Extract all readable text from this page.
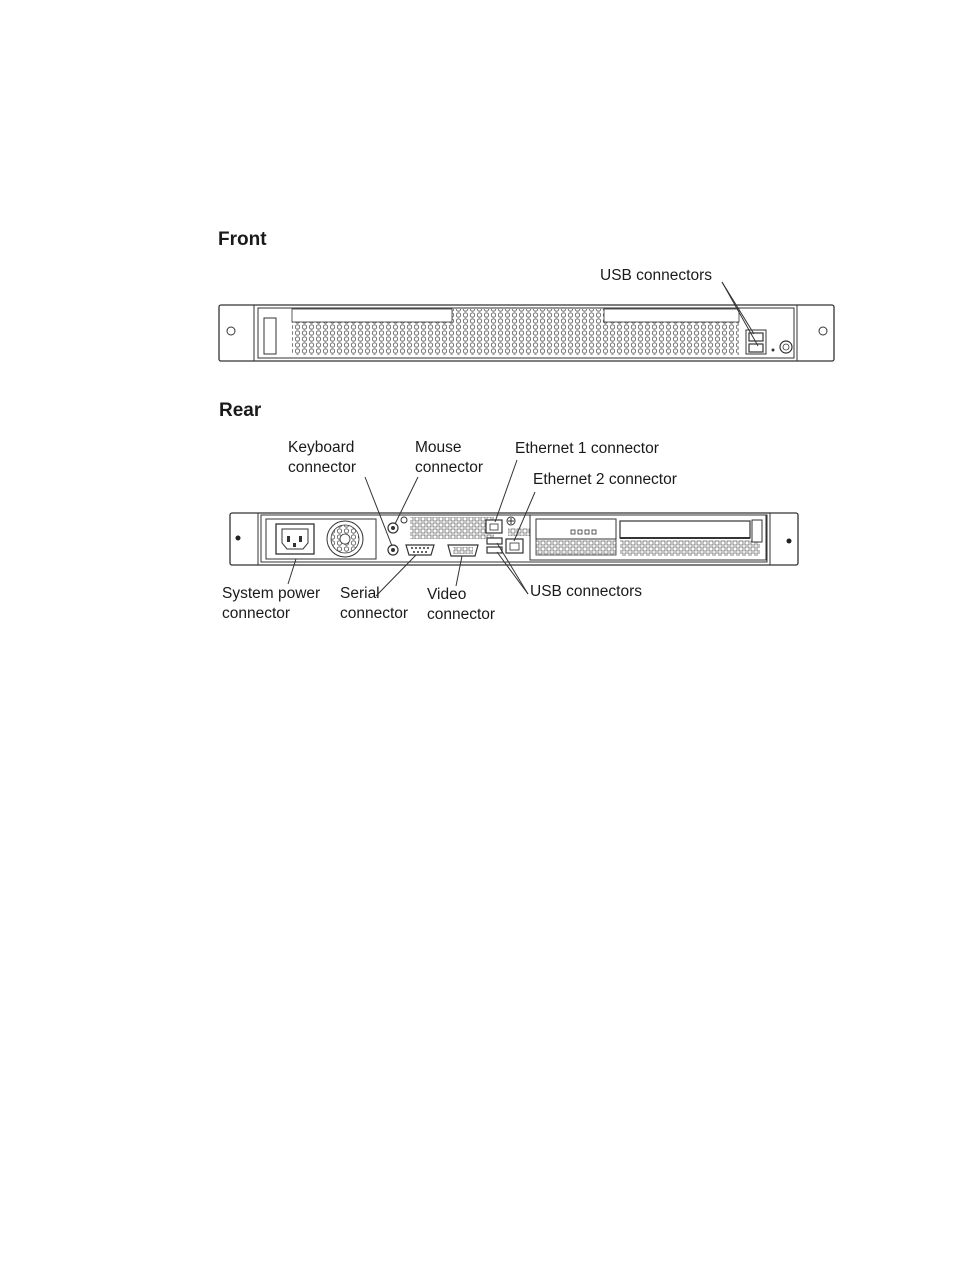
Front
Rear
USB connectors
Keyboard
connector
Mouse
connector
Ethernet 1 connector
Ethernet 2 connector
System power
connector
Serial
connector
Video
connector
USB connectors
